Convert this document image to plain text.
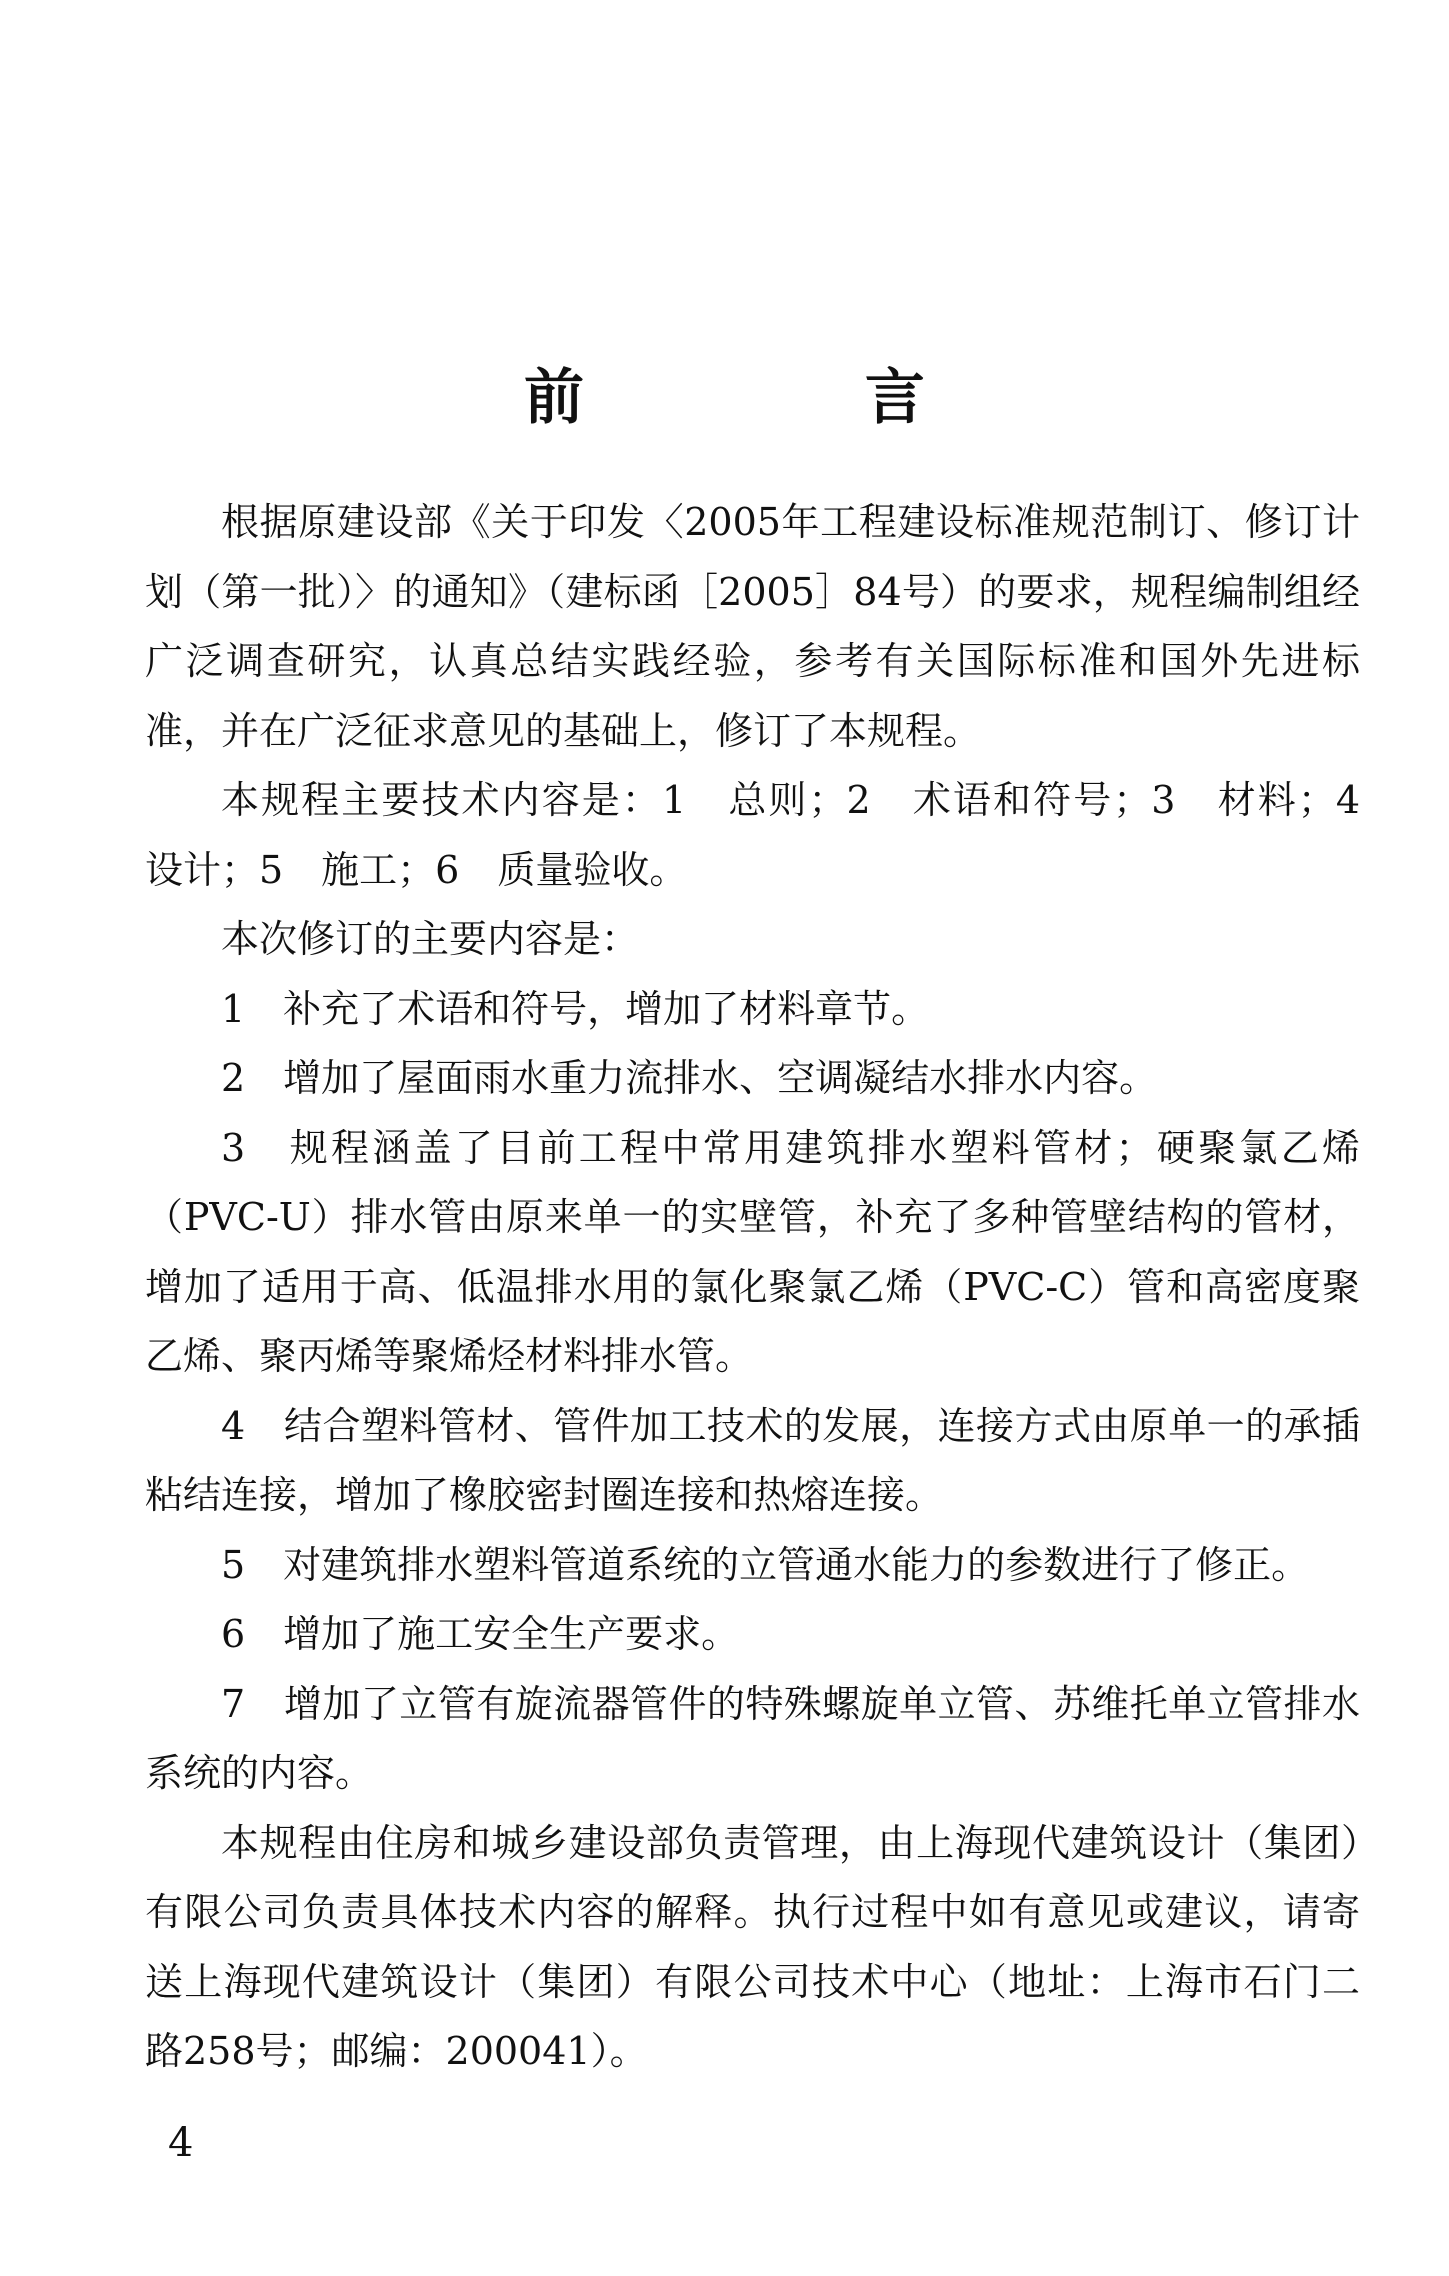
前 言

根据原建设部《关于印发〈2005年工程建设标准规范制订、修订计划（第一批）〉的通知》（建标函［2005］84号）的要求，规程编制组经广泛调查研究，认真总结实践经验，参考有关国际标准和国外先进标准，并在广泛征求意见的基础上，修订了本规程。

本规程主要技术内容是：1　总则；2　术语和符号；3　材料；4　设计；5　施工；6　质量验收。

本次修订的主要内容是：

1　补充了术语和符号，增加了材料章节。

2　增加了屋面雨水重力流排水、空调凝结水排水内容。

3　规程涵盖了目前工程中常用建筑排水塑料管材；硬聚氯乙烯（PVC-U）排水管由原来单一的实壁管，补充了多种管壁结构的管材，增加了适用于高、低温排水用的氯化聚氯乙烯（PVC-C）管和高密度聚乙烯、聚丙烯等聚烯烃材料排水管。

4　结合塑料管材、管件加工技术的发展，连接方式由原单一的承插粘结连接，增加了橡胶密封圈连接和热熔连接。

5　对建筑排水塑料管道系统的立管通水能力的参数进行了修正。

6　增加了施工安全生产要求。

7　增加了立管有旋流器管件的特殊螺旋单立管、苏维托单立管排水系统的内容。

本规程由住房和城乡建设部负责管理，由上海现代建筑设计（集团）有限公司负责具体技术内容的解释。执行过程中如有意见或建议，请寄送上海现代建筑设计（集团）有限公司技术中心（地址：上海市石门二路258号；邮编：200041）。

4
